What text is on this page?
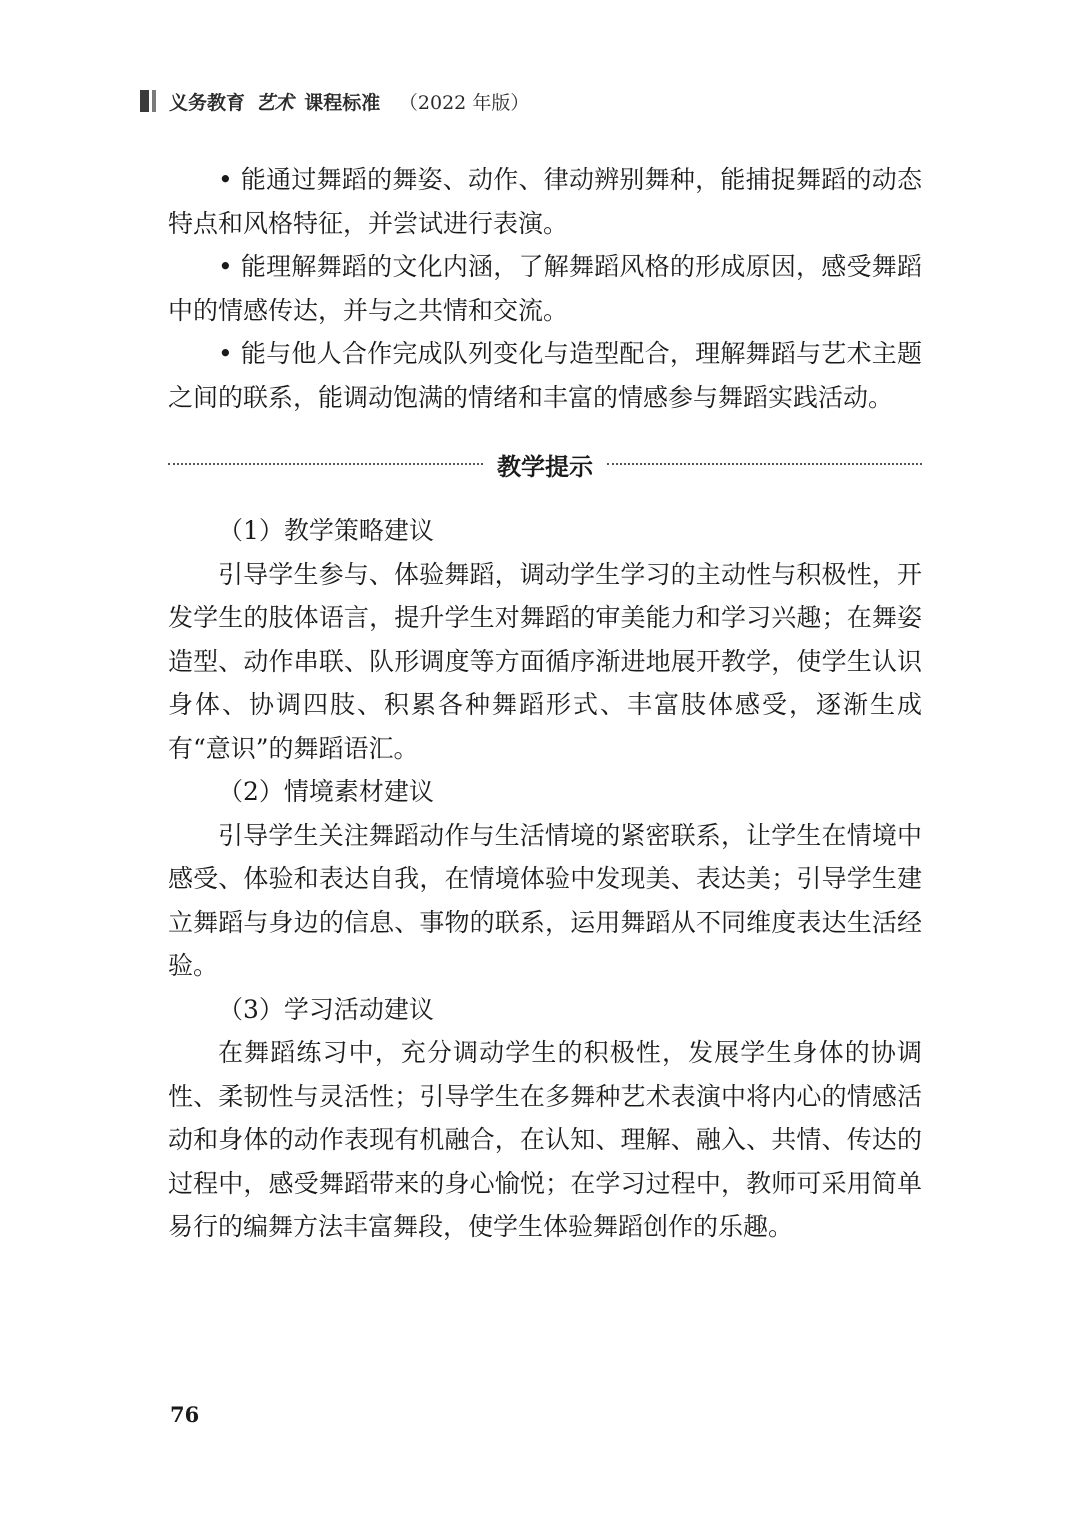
义务教育 艺术 课程标准 （2022 年版）

• 能通过舞蹈的舞姿、动作、律动辨别舞种，能捕捉舞蹈的动态特点和风格特征，并尝试进行表演。

• 能理解舞蹈的文化内涵，了解舞蹈风格的形成原因，感受舞蹈中的情感传达，并与之共情和交流。

• 能与他人合作完成队列变化与造型配合，理解舞蹈与艺术主题之间的联系，能调动饱满的情绪和丰富的情感参与舞蹈实践活动。

教学提示

（1）教学策略建议

引导学生参与、体验舞蹈，调动学生学习的主动性与积极性，开发学生的肢体语言，提升学生对舞蹈的审美能力和学习兴趣；在舞姿造型、动作串联、队形调度等方面循序渐进地展开教学，使学生认识身体、协调四肢、积累各种舞蹈形式、丰富肢体感受，逐渐生成有“意识”的舞蹈语汇。

（2）情境素材建议

引导学生关注舞蹈动作与生活情境的紧密联系，让学生在情境中感受、体验和表达自我，在情境体验中发现美、表达美；引导学生建立舞蹈与身边的信息、事物的联系，运用舞蹈从不同维度表达生活经验。

（3）学习活动建议

在舞蹈练习中，充分调动学生的积极性，发展学生身体的协调性、柔韧性与灵活性；引导学生在多舞种艺术表演中将内心的情感活动和身体的动作表现有机融合，在认知、理解、融入、共情、传达的过程中，感受舞蹈带来的身心愉悦；在学习过程中，教师可采用简单易行的编舞方法丰富舞段，使学生体验舞蹈创作的乐趣。

76
